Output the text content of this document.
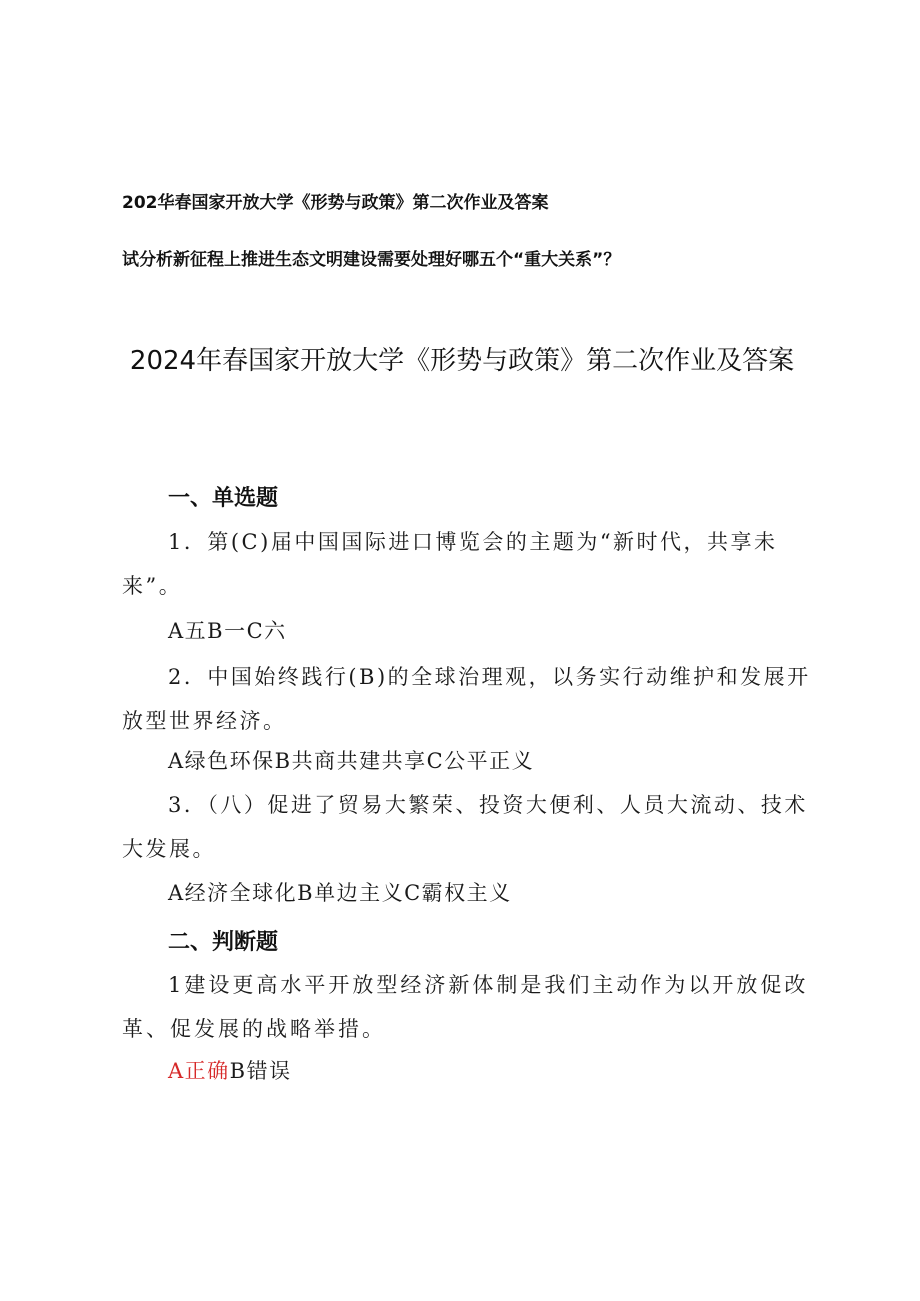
202华春国家开放大学《形势与政策》第二次作业及答案
试分析新征程上推进生态文明建设需要处理好哪五个“重大关系”？
2024年春国家开放大学《形势与政策》第二次作业及答案
一、单选题

1．第(C)届中国国际进口博览会的主题为“新时代，共享未来”。

A五B一C六

2．中国始终践行(B)的全球治理观，以务实行动维护和发展开放型世界经济。

A绿色环保B共商共建共享C公平正义

3．（八）促进了贸易大繁荣、投资大便利、人员大流动、技术大发展。

A经济全球化B单边主义C霸权主义
二、判断题

1建设更高水平开放型经济新体制是我们主动作为以开放促改革、促发展的战略举措。

A正确B错误
